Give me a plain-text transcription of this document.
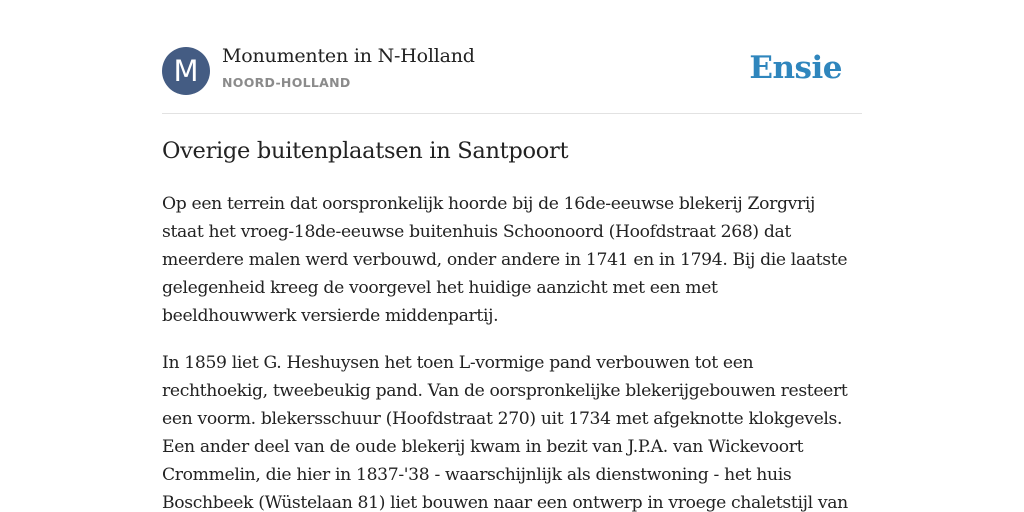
M	Monumenten in N-Holland
NOORD-HOLLAND	Ensie
Overige buitenplaatsen in Santpoort

Op een terrein dat oorspronkelijk hoorde bij de 16de-eeuwse blekerij Zorgvrij
staat het vroeg-18de-eeuwse buitenhuis Schoonoord (Hoofdstraat 268) dat
meerdere malen werd verbouwd, onder andere in 1741 en in 1794. Bij die laatste
gelegenheid kreeg de voorgevel het huidige aanzicht met een met
beeldhouwwerk versierde middenpartij.

In 1859 liet G. Heshuysen het toen L-vormige pand verbouwen tot een
rechthoekig, tweebeukig pand. Van de oorspronkelijke blekerijgebouwen resteert
een voorm. blekersschuur (Hoofdstraat 270) uit 1734 met afgeknotte klokgevels.
Een ander deel van de oude blekerij kwam in bezit van J.P.A. van Wickevoort
Crommelin, die hier in 1837-'38 - waarschijnlijk als dienstwoning - het huis
Boschbeek (Wüstelaan 81) liet bouwen naar een ontwerp in vroege chaletstijl van
